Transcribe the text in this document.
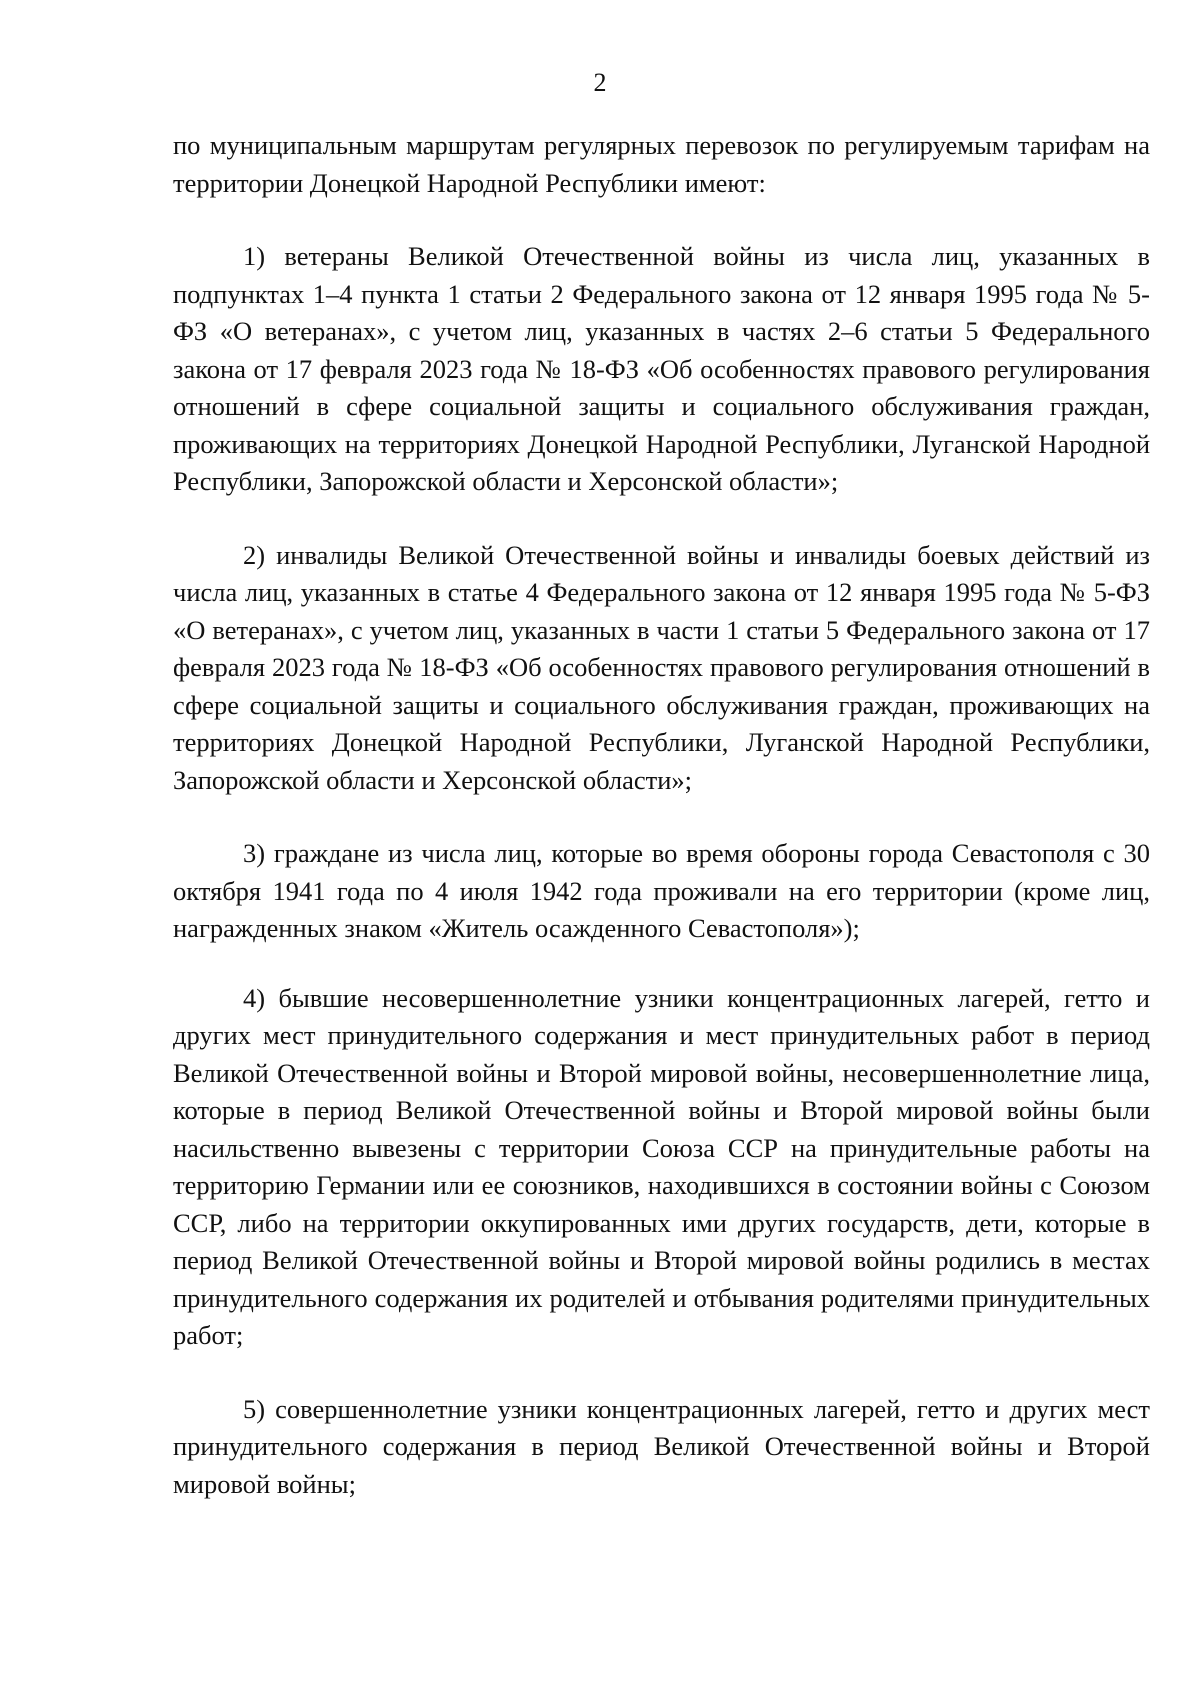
2

по муниципальным маршрутам регулярных перевозок по регулируемым тарифам на территории Донецкой Народной Республики имеют:

1) ветераны Великой Отечественной войны из числа лиц, указанных в подпунктах 1–4 пункта 1 статьи 2 Федерального закона от 12 января 1995 года № 5-ФЗ «О ветеранах», с учетом лиц, указанных в частях 2–6 статьи 5 Федерального закона от 17 февраля 2023 года № 18-ФЗ «Об особенностях правового регулирования отношений в сфере социальной защиты и социального обслуживания граждан, проживающих на территориях Донецкой Народной Республики, Луганской Народной Республики, Запорожской области и Херсонской области»;

2) инвалиды Великой Отечественной войны и инвалиды боевых действий из числа лиц, указанных в статье 4 Федерального закона от 12 января 1995 года № 5-ФЗ «О ветеранах», с учетом лиц, указанных в части 1 статьи 5 Федерального закона от 17 февраля 2023 года № 18-ФЗ «Об особенностях правового регулирования отношений в сфере социальной защиты и социального обслуживания граждан, проживающих на территориях Донецкой Народной Республики, Луганской Народной Республики, Запорожской области и Херсонской области»;

3) граждане из числа лиц, которые во время обороны города Севастополя с 30 октября 1941 года по 4 июля 1942 года проживали на его территории (кроме лиц, награжденных знаком «Житель осажденного Севастополя»);

4) бывшие несовершеннолетние узники концентрационных лагерей, гетто и других мест принудительного содержания и мест принудительных работ в период Великой Отечественной войны и Второй мировой войны, несовершеннолетние лица, которые в период Великой Отечественной войны и Второй мировой войны были насильственно вывезены с территории Союза ССР на принудительные работы на территорию Германии или ее союзников, находившихся в состоянии войны с Союзом ССР, либо на территории оккупированных ими других государств, дети, которые в период Великой Отечественной войны и Второй мировой войны родились в местах принудительного содержания их родителей и отбывания родителями принудительных работ;

5) совершеннолетние узники концентрационных лагерей, гетто и других мест принудительного содержания в период Великой Отечественной войны и Второй мировой войны;
